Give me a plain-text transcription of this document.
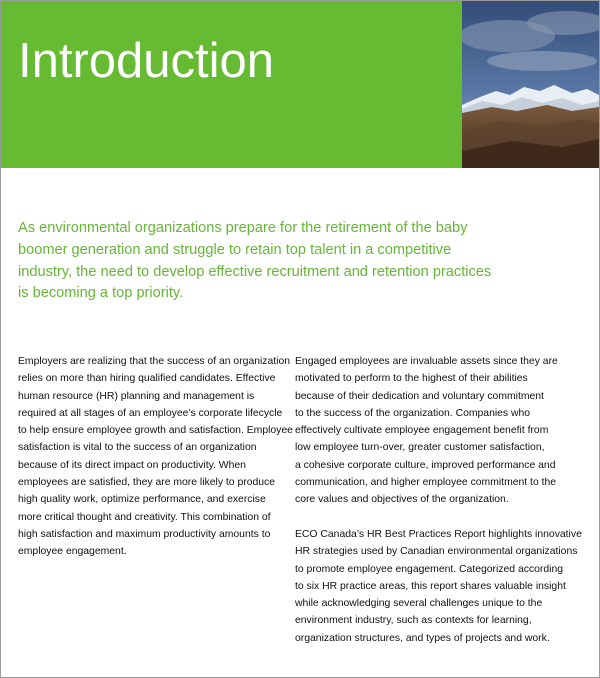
Introduction

As environmental organizations prepare for the retirement of the baby boomer generation and struggle to retain top talent in a competitive industry, the need to develop effective recruitment and retention practices is becoming a top priority.

Employers are realizing that the success of an organization
relies on more than hiring qualified candidates. Effective
human resource (HR) planning and management is
required at all stages of an employee’s corporate lifecycle
to help ensure employee growth and satisfaction. Employee
satisfaction is vital to the success of an organization
because of its direct impact on productivity. When
employees are satisfied, they are more likely to produce
high quality work, optimize performance, and exercise
more critical thought and creativity. This combination of
high satisfaction and maximum productivity amounts to
employee engagement.
Engaged employees are invaluable assets since they are
motivated to perform to the highest of their abilities
because of their dedication and voluntary commitment
to the success of the organization. Companies who
effectively cultivate employee engagement benefit from
low employee turn-over, greater customer satisfaction,
a cohesive corporate culture, improved performance and
communication, and higher employee commitment to the
core values and objectives of the organization.
ECO Canada’s HR Best Practices Report highlights innovative
HR strategies used by Canadian environmental organizations
to promote employee engagement. Categorized according
to six HR practice areas, this report shares valuable insight
while acknowledging several challenges unique to the
environment industry, such as contexts for learning,
organization structures, and types of projects and work.
